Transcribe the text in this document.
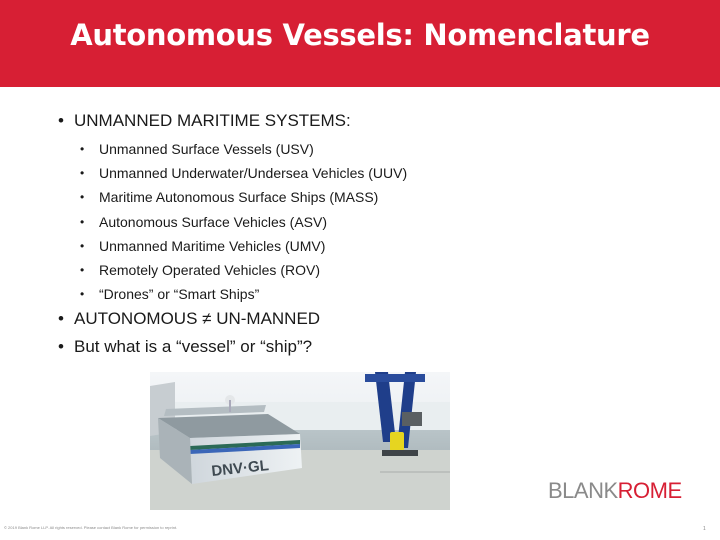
Autonomous Vessels: Nomenclature
• UNMANNED MARITIME SYSTEMS:
• Unmanned Surface Vessels (USV)
• Unmanned Underwater/Undersea Vehicles (UUV)
• Maritime Autonomous Surface Ships (MASS)
• Autonomous Surface Vehicles (ASV)
• Unmanned Maritime Vehicles (UMV)
• Remotely Operated Vehicles (ROV)
• “Drones” or “Smart Ships”
• AUTONOMOUS ≠ UN-MANNED
• But what is a “vessel” or “ship”?
DNV·GL
BLANKROME
© 2019 Blank Rome LLP. All rights reserved. Please contact Blank Rome for permission to reprint.	1
